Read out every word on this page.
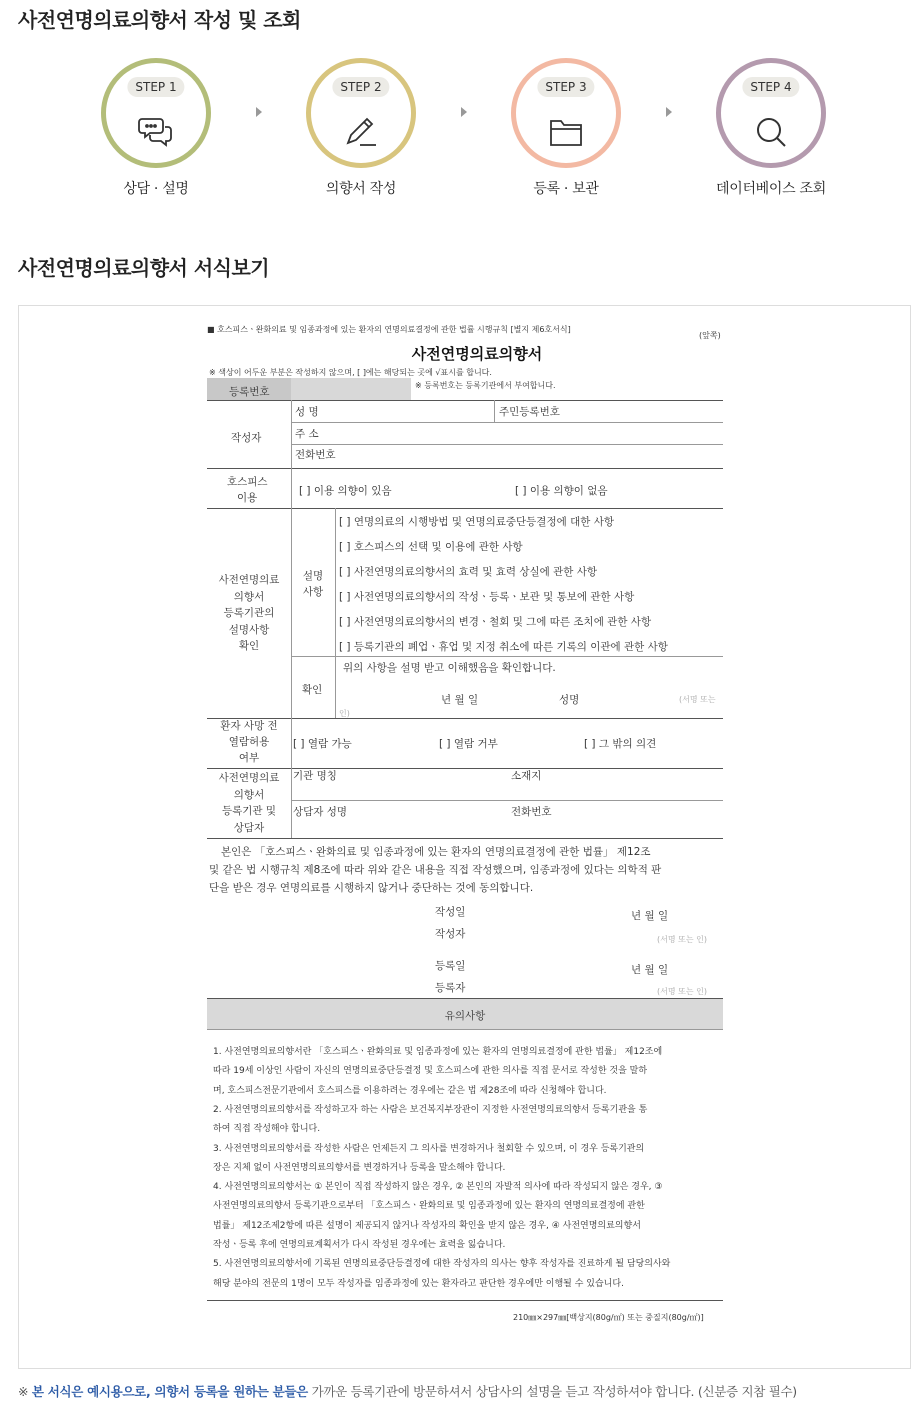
사전연명의료의향서 작성 및 조회
STEP 1
상담 · 설명
STEP 2
의향서 작성
STEP 3
등록 · 보관
STEP 4
데이터베이스 조회
사전연명의료의향서 서식보기
■ 호스피스ㆍ완화의료 및 임종과정에 있는 환자의 연명의료결정에 관한 법률 시행규칙 [별지 제6호서식]
(앞쪽)
사전연명의료의향서
※ 색상이 어두운 부분은 작성하지 않으며, [ ]에는 해당되는 곳에 √표시를 합니다.
등록번호
※ 등록번호는 등록기관에서 부여합니다.
작성자
성 명	주민등록번호
주 소
전화번호
호스피스
이용
[ ] 이용 의향이 있음	[ ] 이용 의향이 없음
사전연명의료
의향서
등록기관의
설명사항
확인
설명
사항
[ ] 연명의료의 시행방법 및 연명의료중단등결정에 대한 사항
[ ] 호스피스의 선택 및 이용에 관한 사항
[ ] 사전연명의료의향서의 효력 및 효력 상실에 관한 사항
[ ] 사전연명의료의향서의 작성ㆍ등록ㆍ보관 및 통보에 관한 사항
[ ] 사전연명의료의향서의 변경ㆍ철회 및 그에 따른 조치에 관한 사항
[ ] 등록기관의 폐업ㆍ휴업 및 지정 취소에 따른 기록의 이관에 관한 사항
확인
위의 사항을 설명 받고 이해했음을 확인합니다.
년 월 일	성명	(서명 또는
인)
환자 사망 전
열람허용
여부
[ ] 열람 가능	[ ] 열람 거부	[ ] 그 밖의 의견
사전연명의료
의향서
등록기관 및
상담자
기관 명칭	소재지
상담자 성명	전화번호
본인은 「호스피스ㆍ완화의료 및 임종과정에 있는 환자의 연명의료결정에 관한 법률」 제12조
및 같은 법 시행규칙 제8조에 따라 위와 같은 내용을 직접 작성했으며, 임종과정에 있다는 의학적 판
단을 받은 경우 연명의료를 시행하지 않거나 중단하는 것에 동의합니다.
작성일	년 월 일
작성자	(서명 또는 인)
등록일	년 월 일
등록자	(서명 또는 인)
유의사항
1. 사전연명의료의향서란 「호스피스ㆍ완화의료 및 임종과정에 있는 환자의 연명의료결정에 관한 법률」 제12조에
따라 19세 이상인 사람이 자신의 연명의료중단등결정 및 호스피스에 관한 의사를 직접 문서로 작성한 것을 말하
며, 호스피스전문기관에서 호스피스를 이용하려는 경우에는 같은 법 제28조에 따라 신청해야 합니다.
2. 사전연명의료의향서를 작성하고자 하는 사람은 보건복지부장관이 지정한 사전연명의료의향서 등록기관을 통
하여 직접 작성해야 합니다.
3. 사전연명의료의향서를 작성한 사람은 언제든지 그 의사를 변경하거나 철회할 수 있으며, 이 경우 등록기관의
장은 지체 없이 사전연명의료의향서를 변경하거나 등록을 말소해야 합니다.
4. 사전연명의료의향서는 ① 본인이 직접 작성하지 않은 경우, ② 본인의 자발적 의사에 따라 작성되지 않은 경우, ③
사전연명의료의향서 등록기관으로부터 「호스피스ㆍ완화의료 및 임종과정에 있는 환자의 연명의료결정에 관한
법률」 제12조제2항에 따른 설명이 제공되지 않거나 작성자의 확인을 받지 않은 경우, ④ 사전연명의료의향서
작성ㆍ등록 후에 연명의료계획서가 다시 작성된 경우에는 효력을 잃습니다.
5. 사전연명의료의향서에 기록된 연명의료중단등결정에 대한 작성자의 의사는 향후 작성자를 진료하게 될 담당의사와
해당 분야의 전문의 1명이 모두 작성자를 임종과정에 있는 환자라고 판단한 경우에만 이행될 수 있습니다.
210㎜×297㎜[백상지(80g/㎡) 또는 중질지(80g/㎡)]
※ 본 서식은 예시용으로, 의향서 등록을 원하는 분들은 가까운 등록기관에 방문하셔서 상담사의 설명을 듣고 작성하셔야 합니다. (신분증 지참 필수)
